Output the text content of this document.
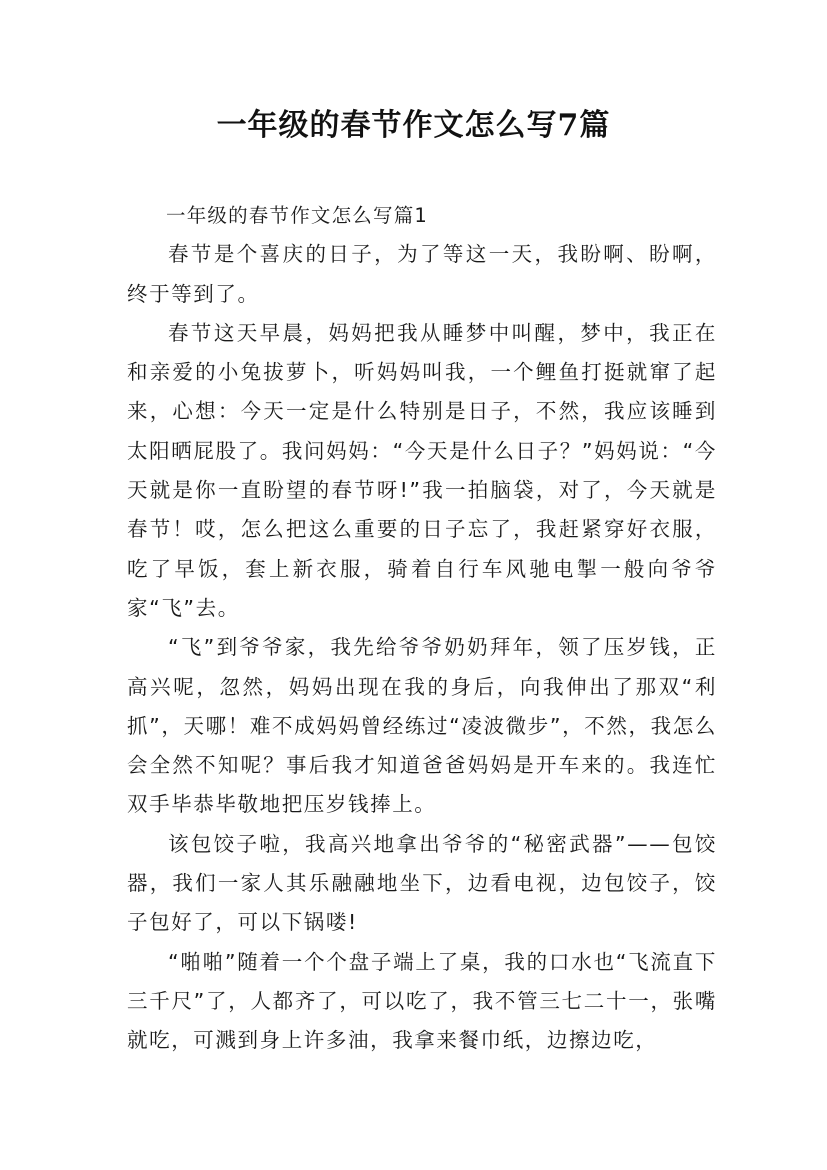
一年级的春节作文怎么写7篇

一年级的春节作文怎么写篇1

春节是个喜庆的日子，为了等这一天，我盼啊、盼啊，终于等到了。

春节这天早晨，妈妈把我从睡梦中叫醒，梦中，我正在和亲爱的小兔拔萝卜，听妈妈叫我，一个鲤鱼打挺就窜了起来，心想：今天一定是什么特别是日子，不然，我应该睡到太阳晒屁股了。我问妈妈：“今天是什么日子？”妈妈说：“今天就是你一直盼望的春节呀!”我一拍脑袋，对了，今天就是春节！哎，怎么把这么重要的日子忘了，我赶紧穿好衣服，吃了早饭，套上新衣服，骑着自行车风驰电掣一般向爷爷家“飞”去。

“飞”到爷爷家，我先给爷爷奶奶拜年，领了压岁钱，正高兴呢，忽然，妈妈出现在我的身后，向我伸出了那双“利抓”，天哪！难不成妈妈曾经练过“凌波微步”，不然，我怎么会全然不知呢？事后我才知道爸爸妈妈是开车来的。我连忙双手毕恭毕敬地把压岁钱捧上。

该包饺子啦，我高兴地拿出爷爷的“秘密武器”——包饺器，我们一家人其乐融融地坐下，边看电视，边包饺子，饺子包好了，可以下锅喽!

“啪啪”随着一个个盘子端上了桌，我的口水也“飞流直下三千尺”了，人都齐了，可以吃了，我不管三七二十一，张嘴就吃，可溅到身上许多油，我拿来餐巾纸，边擦边吃，
